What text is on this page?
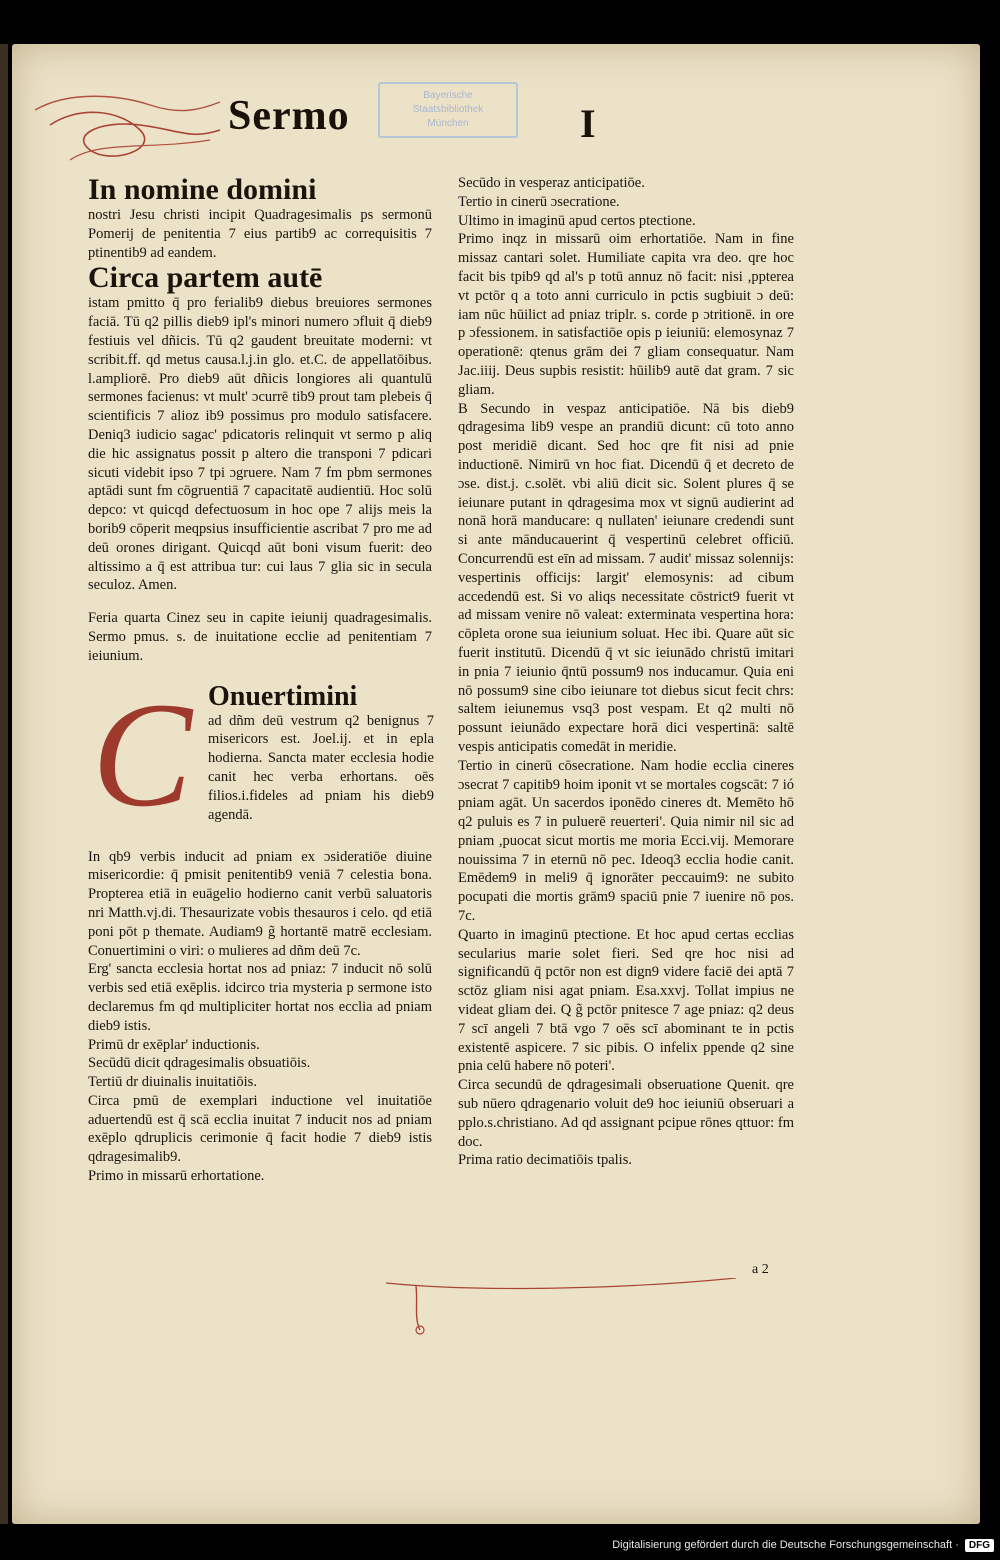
Sermo	Bayerische
Staatsbibliothek
München	I
In nomine domini
nostri Jesu christi incipit Quadragesimalis ps sermonū Pomerij de penitentia 7 eius partib9 ac correquisitis 7 ptinentib9 ad eandem.
Circa partem autē
istam pmitto q̄ pro ferialib9 diebus breuiores sermones faciā. Tū q2 pillis dieb9 ipl's minori numero ɔfluit q̄ dieb9 festiuis vel dñicis. Tū q2 gaudent breuitate moderni: vt scribit.ff. qd metus causa.l.j.in glo. et.C. de appellatōibus. l.ampliorē. Pro dieb9 aūt dñicis longiores ali quantulū sermones facienus: vt mult' ɔcurrē tib9 prout tam plebeis q̄ scientificis 7 alioz ib9 possimus pro modulo satisfacere. Deniq3 iudicio sagac' pdicatoris relinquit vt sermo p aliq die hic assignatus possit p altero die transponi 7 pdicari sicuti videbit ipso 7 tpi ɔgruere. Nam 7 fm pbm sermones aptādi sunt fm cōgruentiā 7 capacitatē audientiū. Hoc solū depco: vt quicqd defectuosum in hoc ope 7 alijs meis la borib9 cōperit meqpsius insufficientie ascribat 7 pro me ad deū orones dirigant. Quicqd aūt boni visum fuerit: deo altissimo a q̄ est attribua tur: cui laus 7 glia sic in secula seculoz. Amen.
Feria quarta Cinez seu in capite ieiunij quadragesimalis. Sermo pmus. s. de inuitatione ecclie ad penitentiam 7 ieiunium.
C Onuertimini
ad dñm deū vestrum q2 benignus 7 misericors est. Joel.ij. et in epla hodierna. Sancta mater ecclesia hodie canit hec verba erhortans. oēs filios.i.fideles ad pniam his dieb9 agendā.
In qb9 verbis inducit ad pniam ex ɔsideratiōe diuine misericordie: q̄ pmisit penitentib9 veniā 7 celestia bona. Propterea etiā in euāgelio hodierno canit verbū saluatoris nri Matth.vj.di. Thesaurizate vobis thesauros i celo. qd etiā poni pōt p themate. Audiam9 g̃ hortantē matrē ecclesiam. Conuertimini o viri: o mulieres ad dñm deū 7c.
Erg' sancta ecclesia hortat nos ad pniaz: 7 inducit nō solū verbis sed etiā exēplis. idcirco tria mysteria p sermone isto declaremus fm qd multipliciter hortat nos ecclia ad pniam dieb9 istis.
Primū dr exēplar' inductionis.
Secūdū dicit qdragesimalis obsuatiōis.
Tertiū dr diuinalis inuitatiōis.
Circa pmū de exemplari inductione vel inuitatiōe aduertendū est q̄ scā ecclia inuitat 7 inducit nos ad pniam exēplo qdruplicis cerimonie q̄ facit hodie 7 dieb9 istis qdragesimalib9.
Primo in missarū erhortatione.
Secūdo in vesperaz anticipatiōe.
Tertio in cinerū ɔsecratione.
Ultimo in imaginū apud certos ptectione.
Primo inqz in missarū oim erhortatiōe. Nam in fine missaz cantari solet. Humiliate capita vra deo. qre hoc facit bis tpib9 qd al's p totū annuz nō facit: nisi ,ppterea vt pctōr q a toto anni curriculo in pctis sugbiuit ɔ deū: iam nūc hūilict ad pniaz triplr. s. corde p ɔtritionē. in ore p ɔfessionem. in satisfactiōe opis p ieiuniū: elemosynaz 7 operationē: qtenus grām dei 7 gliam consequatur. Nam Jac.iiij. Deus supbis resistit: hūilib9 autē dat gram. 7 sic gliam.
B Secundo in vespaz anticipatiōe. Nā bis dieb9 qdragesima lib9 vespe an prandiū dicunt: cū toto anno post meridiē dicant. Sed hoc qre fit nisi ad pnie inductionē. Nimirū vn hoc fiat. Dicendū q̄ et decreto de ɔse. dist.j. c.solēt. vbi aliū dicit sic. Solent plures q̄ se ieiunare putant in qdragesima mox vt signū audierint ad nonā horā manducare: q nullaten' ieiunare credendi sunt si ante mānducauerint q̄ vespertinū celebret officiū. Concurrendū est eīn ad missam. 7 audit' missaz solennijs: vespertinis officijs: largit' elemosynis: ad cibum accedendū est. Si vo aliqs necessitate cōstrict9 fuerit vt ad missam venire nō valeat: exterminata vespertina hora: cōpleta orone sua ieiunium soluat. Hec ibi. Quare aūt sic fuerit institutū. Dicendū q̄ vt sic ieiunādo christū imitari in pnia 7 ieiunio q̄ntū possum9 nos inducamur. Quia eni nō possum9 sine cibo ieiunare tot diebus sicut fecit chrs: saltem ieiunemus vsq3 post vespam. Et q2 multi nō possunt ieiunādo expectare horā dici vespertinā: saltē vespis anticipatis comedāt in meridie.
Tertio in cinerū cōsecratione. Nam hodie ecclia cineres ɔsecrat 7 capitib9 hoim iponit vt se mortales cogscāt: 7 ió pniam agāt. Un sacerdos iponēdo cineres dt. Memēto hō q2 puluis es 7 in puluerē reuerteri'. Quia nimir nil sic ad pniam ,puocat sicut mortis me moria Ecci.vij. Memorare nouissima 7 in eternū nō pec. Ideoq3 ecclia hodie canit. Emēdem9 in meli9 q̄ ignorāter peccauim9: ne subito pocupati die mortis grām9 spaciū pnie 7 iuenire nō pos. 7c.
Quarto in imaginū ptectione. Et hoc apud certas ecclias secularius marie solet fieri. Sed qre hoc nisi ad significandū q̄ pctōr non est dign9 videre faciē dei aptā 7 sctōz gliam nisi agat pniam. Esa.xxvj. Tollat impius ne videat gliam dei. Q g̃ pctōr pnitesce 7 age pniaz: q2 deus 7 scī angeli 7 btā vgo 7 oēs scī abominant te in pctis existentē aspicere. 7 sic pibis. O infelix ppende q2 sine pnia celū habere nō poteri'.
Circa secundū de qdragesimali obseruatione Quenit. qre sub nūero qdragenario voluit de9 hoc ieiuniū obseruari a pplo.s.christiano. Ad qd assignant pcipue rōnes qttuor: fm doc.
Prima ratio decimatiōis tpalis.
a 2
Digitalisierung gefördert durch die Deutsche Forschungsgemeinschaft ·	DFG
